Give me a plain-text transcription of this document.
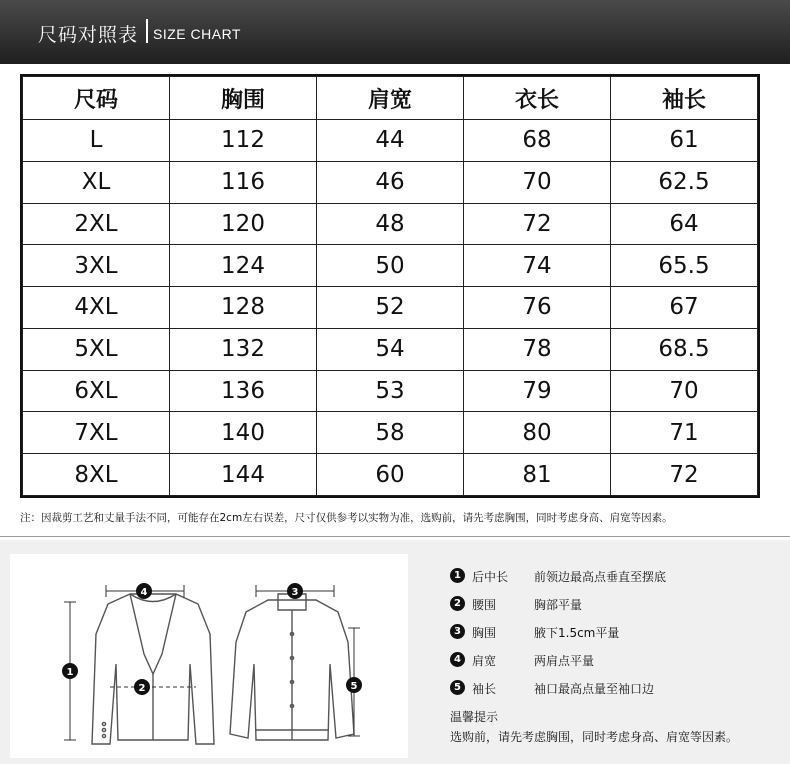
尺码对照表 SIZE CHART
尺码	胸围	肩宽	衣长	袖长
L	112	44	68	61
XL	116	46	70	62.5
2XL	120	48	72	64
3XL	124	50	74	65.5
4XL	128	52	76	67
5XL	132	54	78	68.5
6XL	136	53	79	70
7XL	140	58	80	71
8XL	144	60	81	72
注：因裁剪工艺和丈量手法不同，可能存在2cm左右误差，尺寸仅供参考以实物为准，选购前，请先考虑胸围，同时考虑身高、肩宽等因素。
4
1
2
3
5
1 后中长 前领边最高点垂直至摆底
2 腰围	胸部平量
3 胸围	腋下1.5cm平量
4 肩宽	两肩点平量
5 袖长	袖口最高点量至袖口边
温馨提示
选购前，请先考虑胸围，同时考虑身高、肩宽等因素。
